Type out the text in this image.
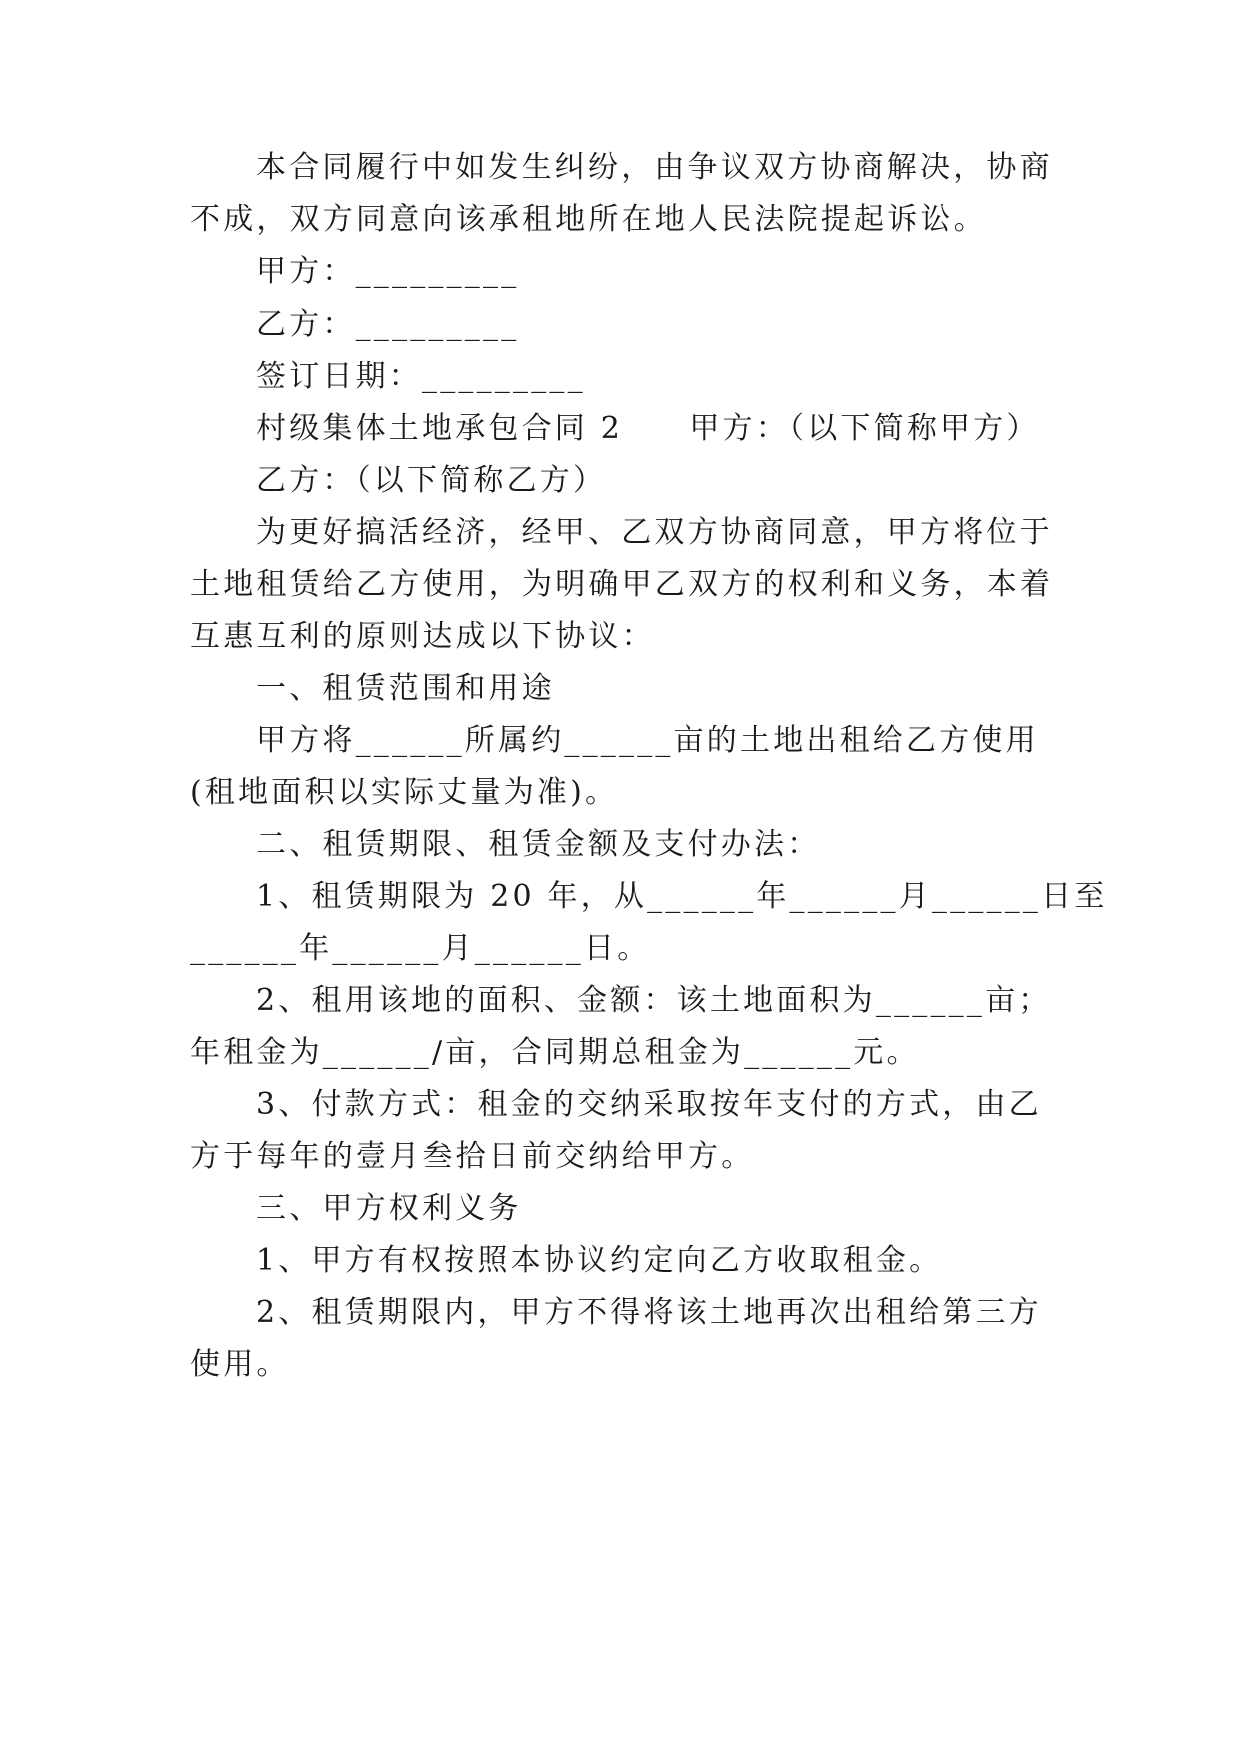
本合同履行中如发生纠纷，由争议双方协商解决，协商
不成，双方同意向该承租地所在地人民法院提起诉讼。
甲方：_________
乙方：_________
签订日期：_________
村级集体土地承包合同 2　　甲方：（以下简称甲方）
乙方：（以下简称乙方）
为更好搞活经济，经甲、乙双方协商同意，甲方将位于
土地租赁给乙方使用，为明确甲乙双方的权利和义务，本着
互惠互利的原则达成以下协议：
一、租赁范围和用途
甲方将______所属约______亩的土地出租给乙方使用
(租地面积以实际丈量为准)。
二、租赁期限、租赁金额及支付办法：
1、租赁期限为 20 年，从______年______月______日至
______年______月______日。
2、租用该地的面积、金额：该土地面积为______亩；
年租金为______/亩，合同期总租金为______元。
3、付款方式：租金的交纳采取按年支付的方式，由乙
方于每年的壹月叁拾日前交纳给甲方。
三、甲方权利义务
1、甲方有权按照本协议约定向乙方收取租金。
2、租赁期限内，甲方不得将该土地再次出租给第三方
使用。
